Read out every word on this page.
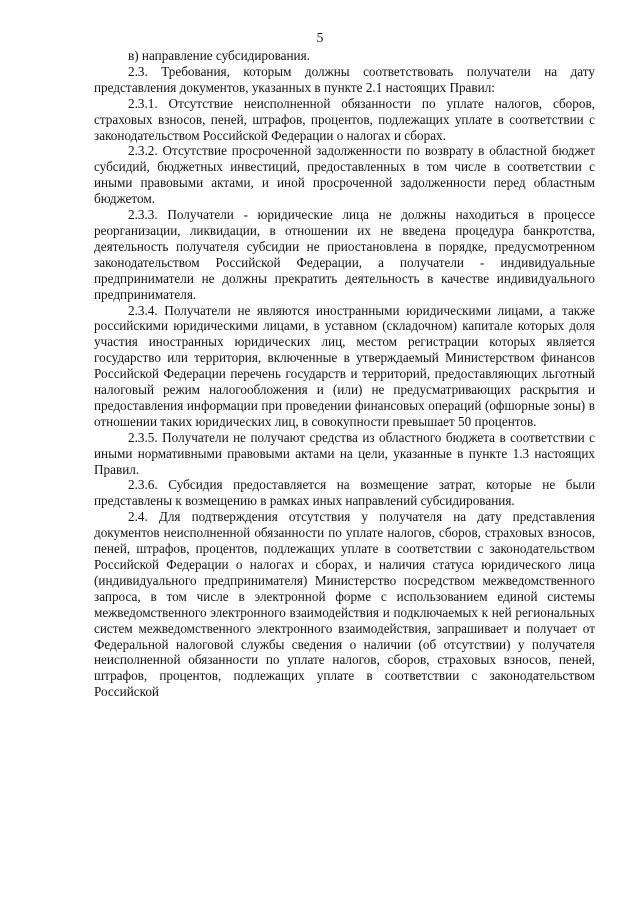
5

в) направление субсидирования.

2.3. Требования, которым должны соответствовать получатели на дату представления документов, указанных в пункте 2.1 настоящих Правил:

2.3.1. Отсутствие неисполненной обязанности по уплате налогов, сборов, страховых взносов, пеней, штрафов, процентов, подлежащих уплате в соответствии с законодательством Российской Федерации о налогах и сборах.

2.3.2. Отсутствие просроченной задолженности по возврату в областной бюджет субсидий, бюджетных инвестиций, предоставленных в том числе в соответствии с иными правовыми актами, и иной просроченной задолженности перед областным бюджетом.

2.3.3. Получатели - юридические лица не должны находиться в процессе реорганизации, ликвидации, в отношении их не введена процедура банкротства, деятельность получателя субсидии не приостановлена в порядке, предусмотренном законодательством Российской Федерации, а получатели - индивидуальные предприниматели не должны прекратить деятельность в качестве индивидуального предпринимателя.

2.3.4. Получатели не являются иностранными юридическими лицами, а также российскими юридическими лицами, в уставном (складочном) капитале которых доля участия иностранных юридических лиц, местом регистрации которых является государство или территория, включенные в утверждаемый Министерством финансов Российской Федерации перечень государств и территорий, предоставляющих льготный налоговый режим налогообложения и (или) не предусматривающих раскрытия и предоставления информации при проведении финансовых операций (офшорные зоны) в отношении таких юридических лиц, в совокупности превышает 50 процентов.

2.3.5. Получатели не получают средства из областного бюджета в соответствии с иными нормативными правовыми актами на цели, указанные в пункте 1.3 настоящих Правил.

2.3.6. Субсидия предоставляется на возмещение затрат, которые не были представлены к возмещению в рамках иных направлений субсидирования.

2.4. Для подтверждения отсутствия у получателя на дату представления документов неисполненной обязанности по уплате налогов, сборов, страховых взносов, пеней, штрафов, процентов, подлежащих уплате в соответствии с законодательством Российской Федерации о налогах и сборах, и наличия статуса юридического лица (индивидуального предпринимателя) Министерство посредством межведомственного запроса, в том числе в электронной форме с использованием единой системы межведомственного электронного взаимодействия и подключаемых к ней региональных систем межведомственного электронного взаимодействия, запрашивает и получает от Федеральной налоговой службы сведения о наличии (об отсутствии) у получателя неисполненной обязанности по уплате налогов, сборов, страховых взносов, пеней, штрафов, процентов, подлежащих уплате в соответствии с законодательством Российской
